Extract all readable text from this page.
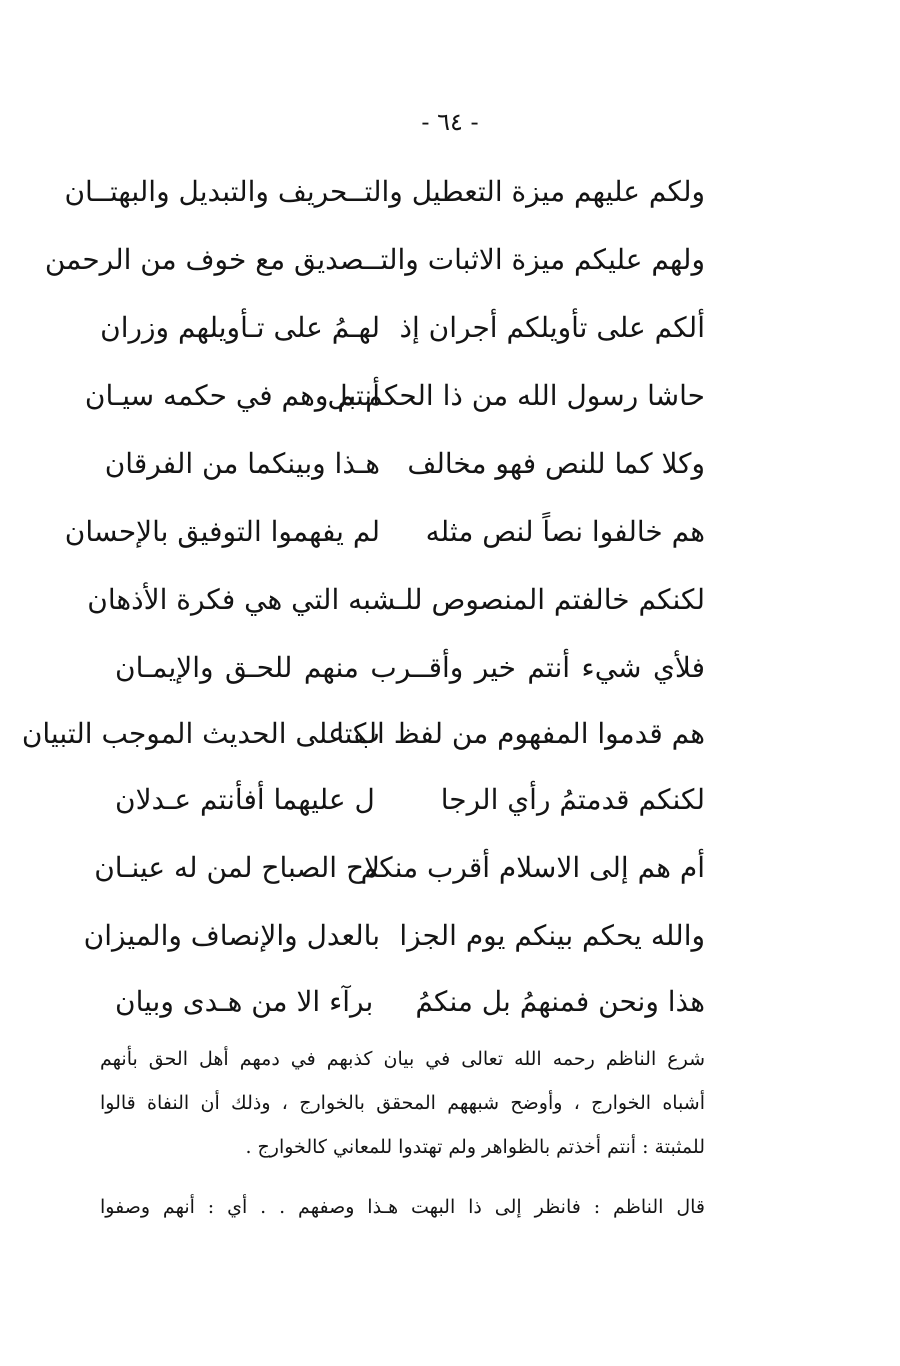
- ٦٤ -
ولكم عليهم ميزة التعطيل والتــحريف والتبديل والبهتــان
ولهم عليكم ميزة الاثبات والتــصديق مع خوف من الرحمن
ألكم على تأويلكم أجران إذ
لهـمُ على تـأويلهم وزران
حاشا رسول الله من ذا الحكم بل
أنتم وهم في حكمه سيـان
وكلا كما للنص فهو مخالف
هـذا وبينكما من الفرقان
هم خالفوا نصاً لنص مثله
لم يفهموا التوفيق بالإحسان
لكنكم خالفتم المنصوص للـشبه التي هي فكرة الأذهان
فلأي شيء أنتم خير وأقــرب منهم للحـق والإيمـان
هم قدموا المفهوم من لفظ الكتا
ب على الحديث الموجب التبيان
لكنكم قدمتمُ رأي الرجا
ل عليهما أفأنتم عـدلان
أم هم إلى الاسلام أقرب منكم
لاح الصباح لمن له عينـان
والله يحكم بينكم يوم الجزا
بالعدل والإنصاف والميزان
هذا ونحن فمنهمُ بل منكمُ
برآء الا من هـدى وبيان
شرع الناظم رحمه الله تعالى في بيان كذبهم في دمهم أهل الحق بأنهم
أشباه الخوارج ، وأوضح شبههم المحقق بالخوارج ، وذلك أن النفاة قالوا
للمثبتة : أنتم أخذتم بالظواهر ولم تهتدوا للمعاني كالخوارج .
قال الناظم : فانظر إلى ذا البهت هـذا وصفهم . . أي : أنهم وصفوا
